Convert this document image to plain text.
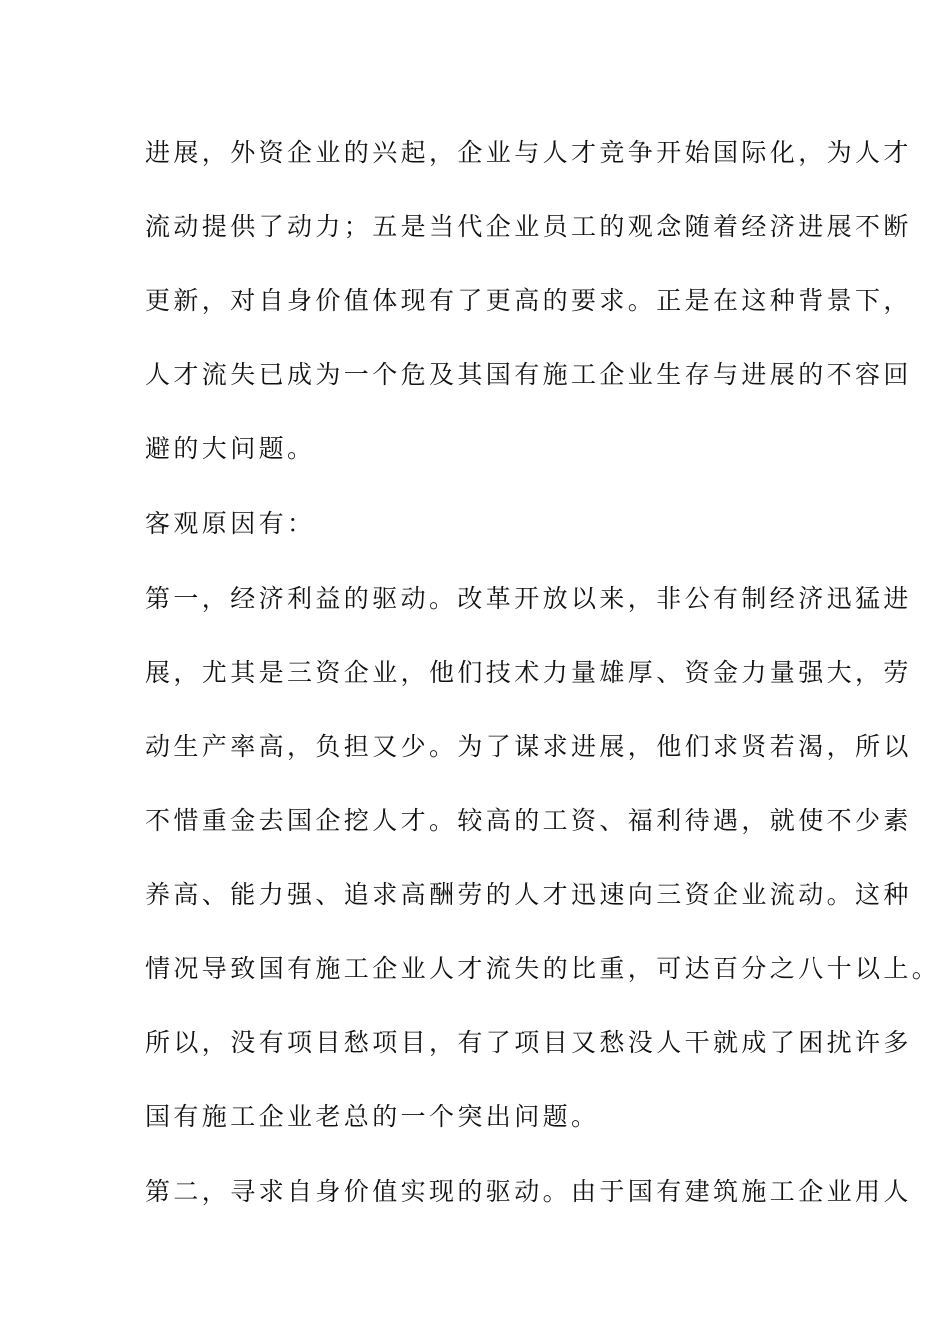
进展，外资企业的兴起，企业与人才竞争开始国际化，为人才

流动提供了动力；五是当代企业员工的观念随着经济进展不断

更新，对自身价值体现有了更高的要求。正是在这种背景下，

人才流失已成为一个危及其国有施工企业生存与进展的不容回

避的大问题。

客观原因有：

第一，经济利益的驱动。改革开放以来，非公有制经济迅猛进

展，尤其是三资企业，他们技术力量雄厚、资金力量强大，劳

动生产率高，负担又少。为了谋求进展，他们求贤若渴，所以

不惜重金去国企挖人才。较高的工资、福利待遇，就使不少素

养高、能力强、追求高酬劳的人才迅速向三资企业流动。这种

情况导致国有施工企业人才流失的比重，可达百分之八十以上。

所以，没有项目愁项目，有了项目又愁没人干就成了困扰许多

国有施工企业老总的一个突出问题。

第二，寻求自身价值实现的驱动。由于国有建筑施工企业用人
